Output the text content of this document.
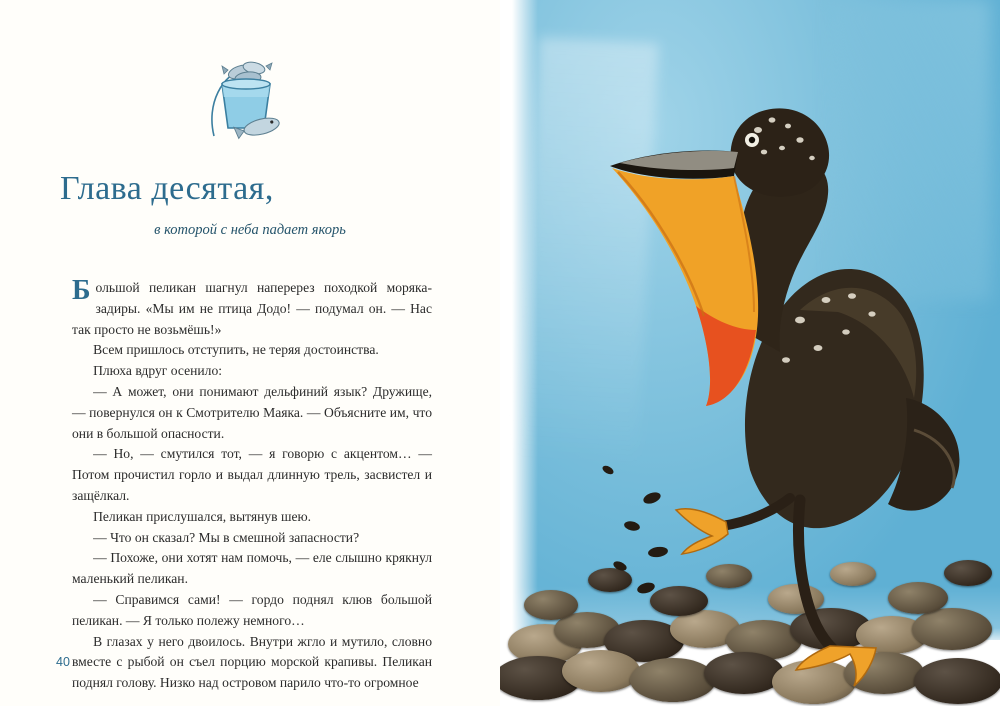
Глава десятая,
в которой с неба падает якорь

Большой пеликан шагнул наперерез походкой моряка-задиры. «Мы им не птица Додо! — подумал он. — Нас так просто не возьмёшь!»

Всем пришлось отступить, не теряя достоинства.

Плюха вдруг осенило:

— А может, они понимают дельфиний язык? Дружище, — повернулся он к Смотрителю Маяка. — Объясните им, что они в большой опасности.

— Но, — смутился тот, — я говорю с акцентом… — Потом прочистил горло и выдал длинную трель, засвистел и защёлкал.

Пеликан прислушался, вытянув шею.

— Что он сказал? Мы в смешной запасности?

— Похоже, они хотят нам помочь, — еле слышно крякнул маленький пеликан.

— Справимся сами! — гордо поднял клюв большой пеликан. — Я только полежу немного…

В глазах у него двоилось. Внутри жгло и мутило, словно вместе с рыбой он съел порцию морской крапивы. Пеликан поднял голову. Низко над островом парило что-то огромное

40
